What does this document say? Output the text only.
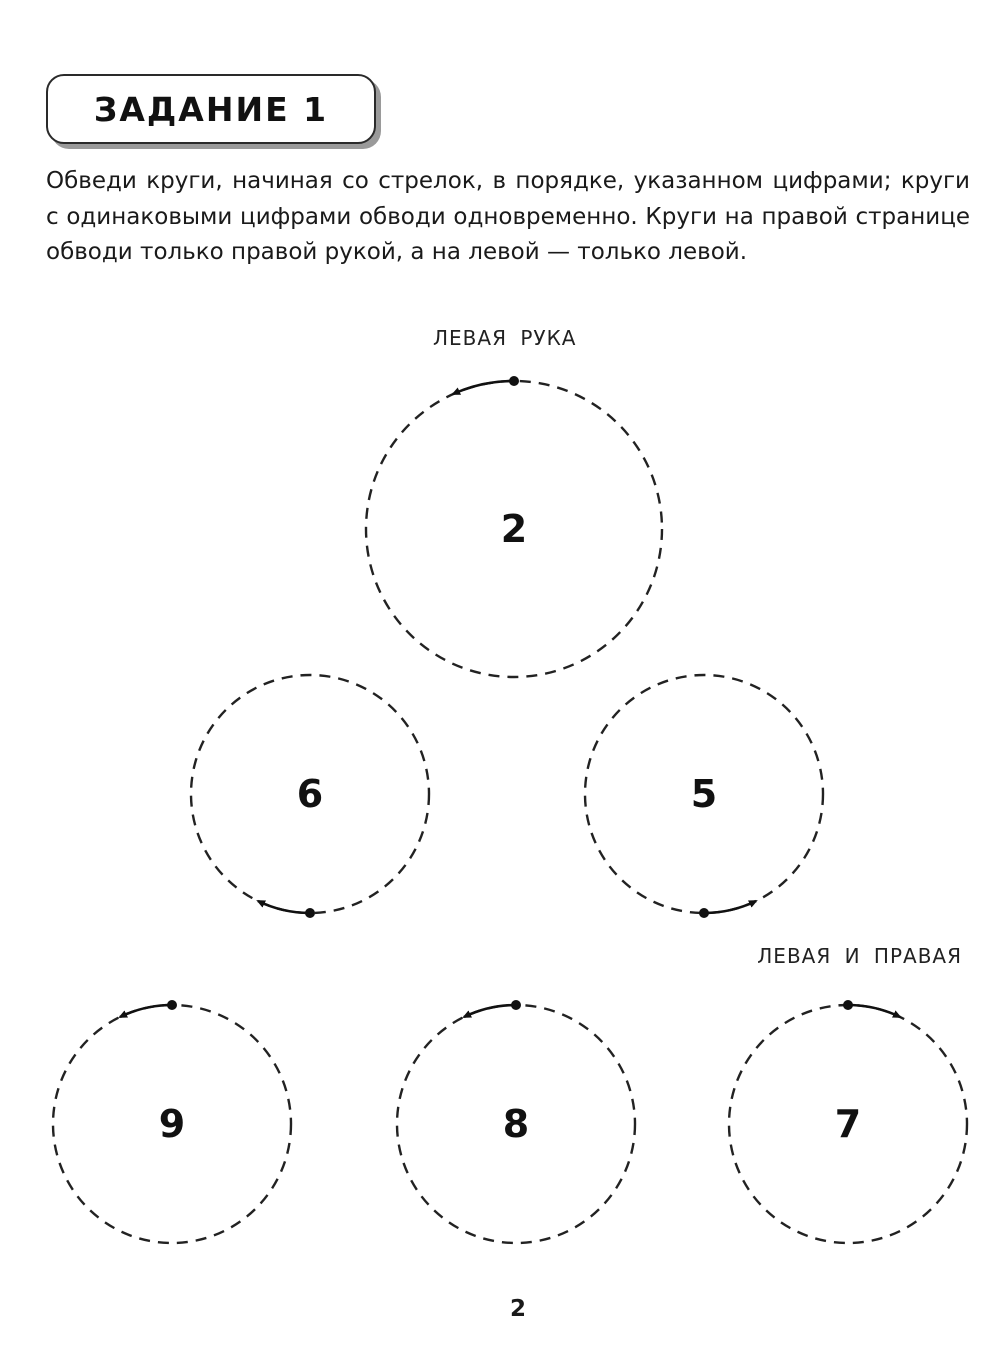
ЗАДАНИЕ 1

Обведи круги, начиная со стрелок, в порядке, указанном цифрами; круги с одинаковыми цифрами обводи одновременно. Круги на правой странице обводи только правой рукой, а на левой — только левой.

ЛЕВАЯ РУКА
ЛЕВАЯ И ПРАВАЯ
2
6	5
9	8	7
2
